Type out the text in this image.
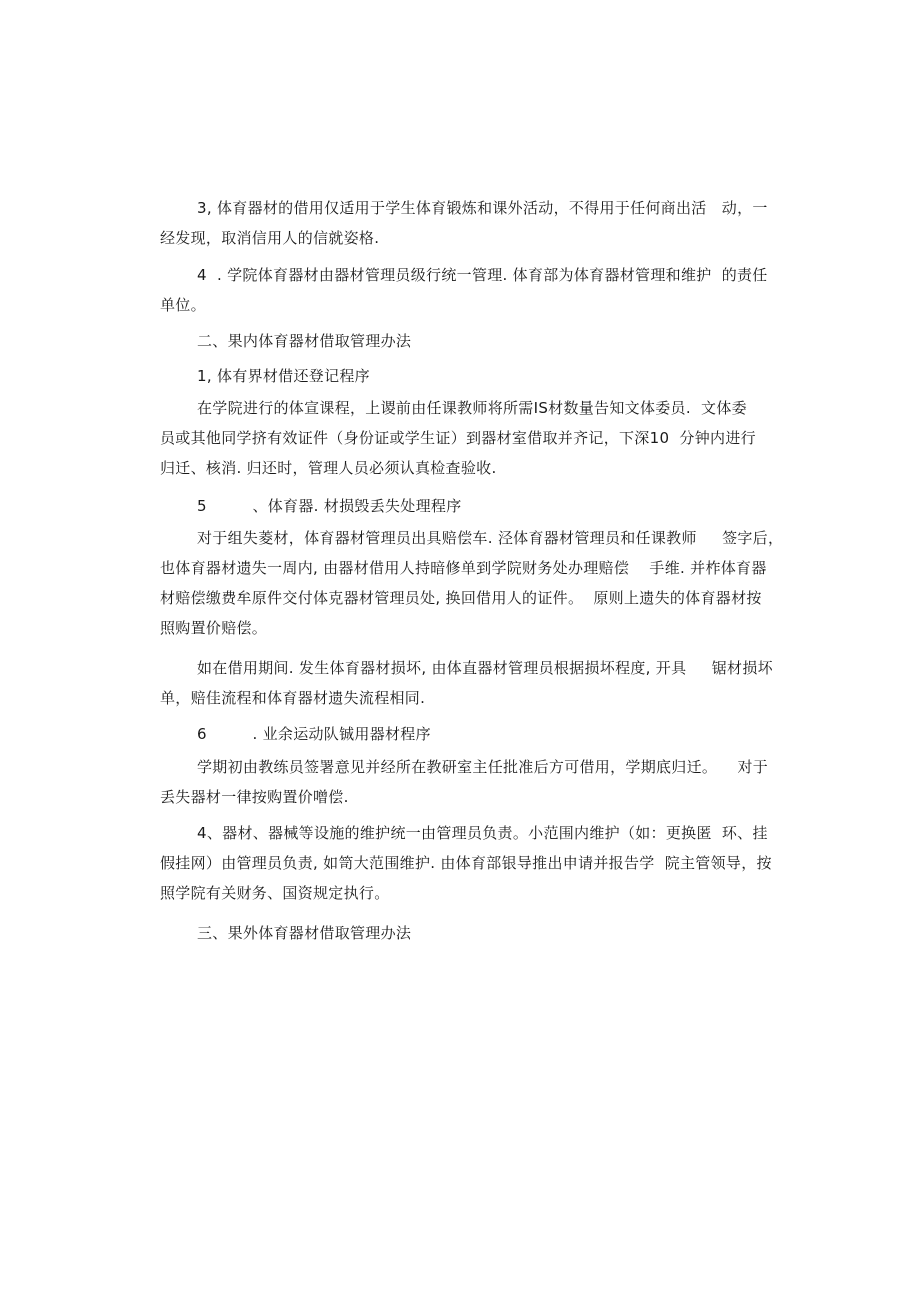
3, 体育器材的借用仅适用于学生体育锻炼和课外活动，不得用于任何商出活   动，一
经发现，取消信用人的信就姿格.
4  . 学院体育器材由器材管理员级行统一管理. 体育部为体育器材管理和维护  的责任
单位。
二、果内体育器材借取管理办法
1, 体有界材借还登记程序
在学院进行的体宣课程，上谡前由任课教师将所需IS材数量告知文体委员.  文体委
员或其他同学挤有效证件（身份证或学生证）到器材室借取并齐记，下深10  分钟内进行
归迁、核消. 归还时，管理人员必须认真检查验收.
5         、体育器. 材损毁丢失处理程序
对于组失菱材，体育器材管理员出具赔偿车. 泾体育器材管理员和任课教师     签字后，
也体育器材遗失一周内, 由器材借用人持暗修单到学院财务处办理赔偿    手维. 并柞体育器
材赔偿缴费牟原件交付体克器材管理员处, 换回借用人的证件。  原则上遗失的体育器材按
照购置价赔偿。
如在借用期间. 发生体育器材损坏, 由体直器材管理员根据损坏程度, 开具     锯材损坏
单，赔佳流程和体育器材遗失流程相同.
6         . 业余运动队铖用器材程序
学期初由教练员签署意见并经所在教研室主任批准后方可借用，学期底归迁。    对于
丢失器材一律按购置价噌偿.
4、器材、器械等设施的维护统一由管理员负责。小范围内维护（如：更换匿  环、挂
假挂网）由管理员负责, 如笥大范围维护. 由体育部银导推出申请并报告学  院主管领导，按
照学院有关财务、国资规定执行。
三、果外体育器材借取管理办法
